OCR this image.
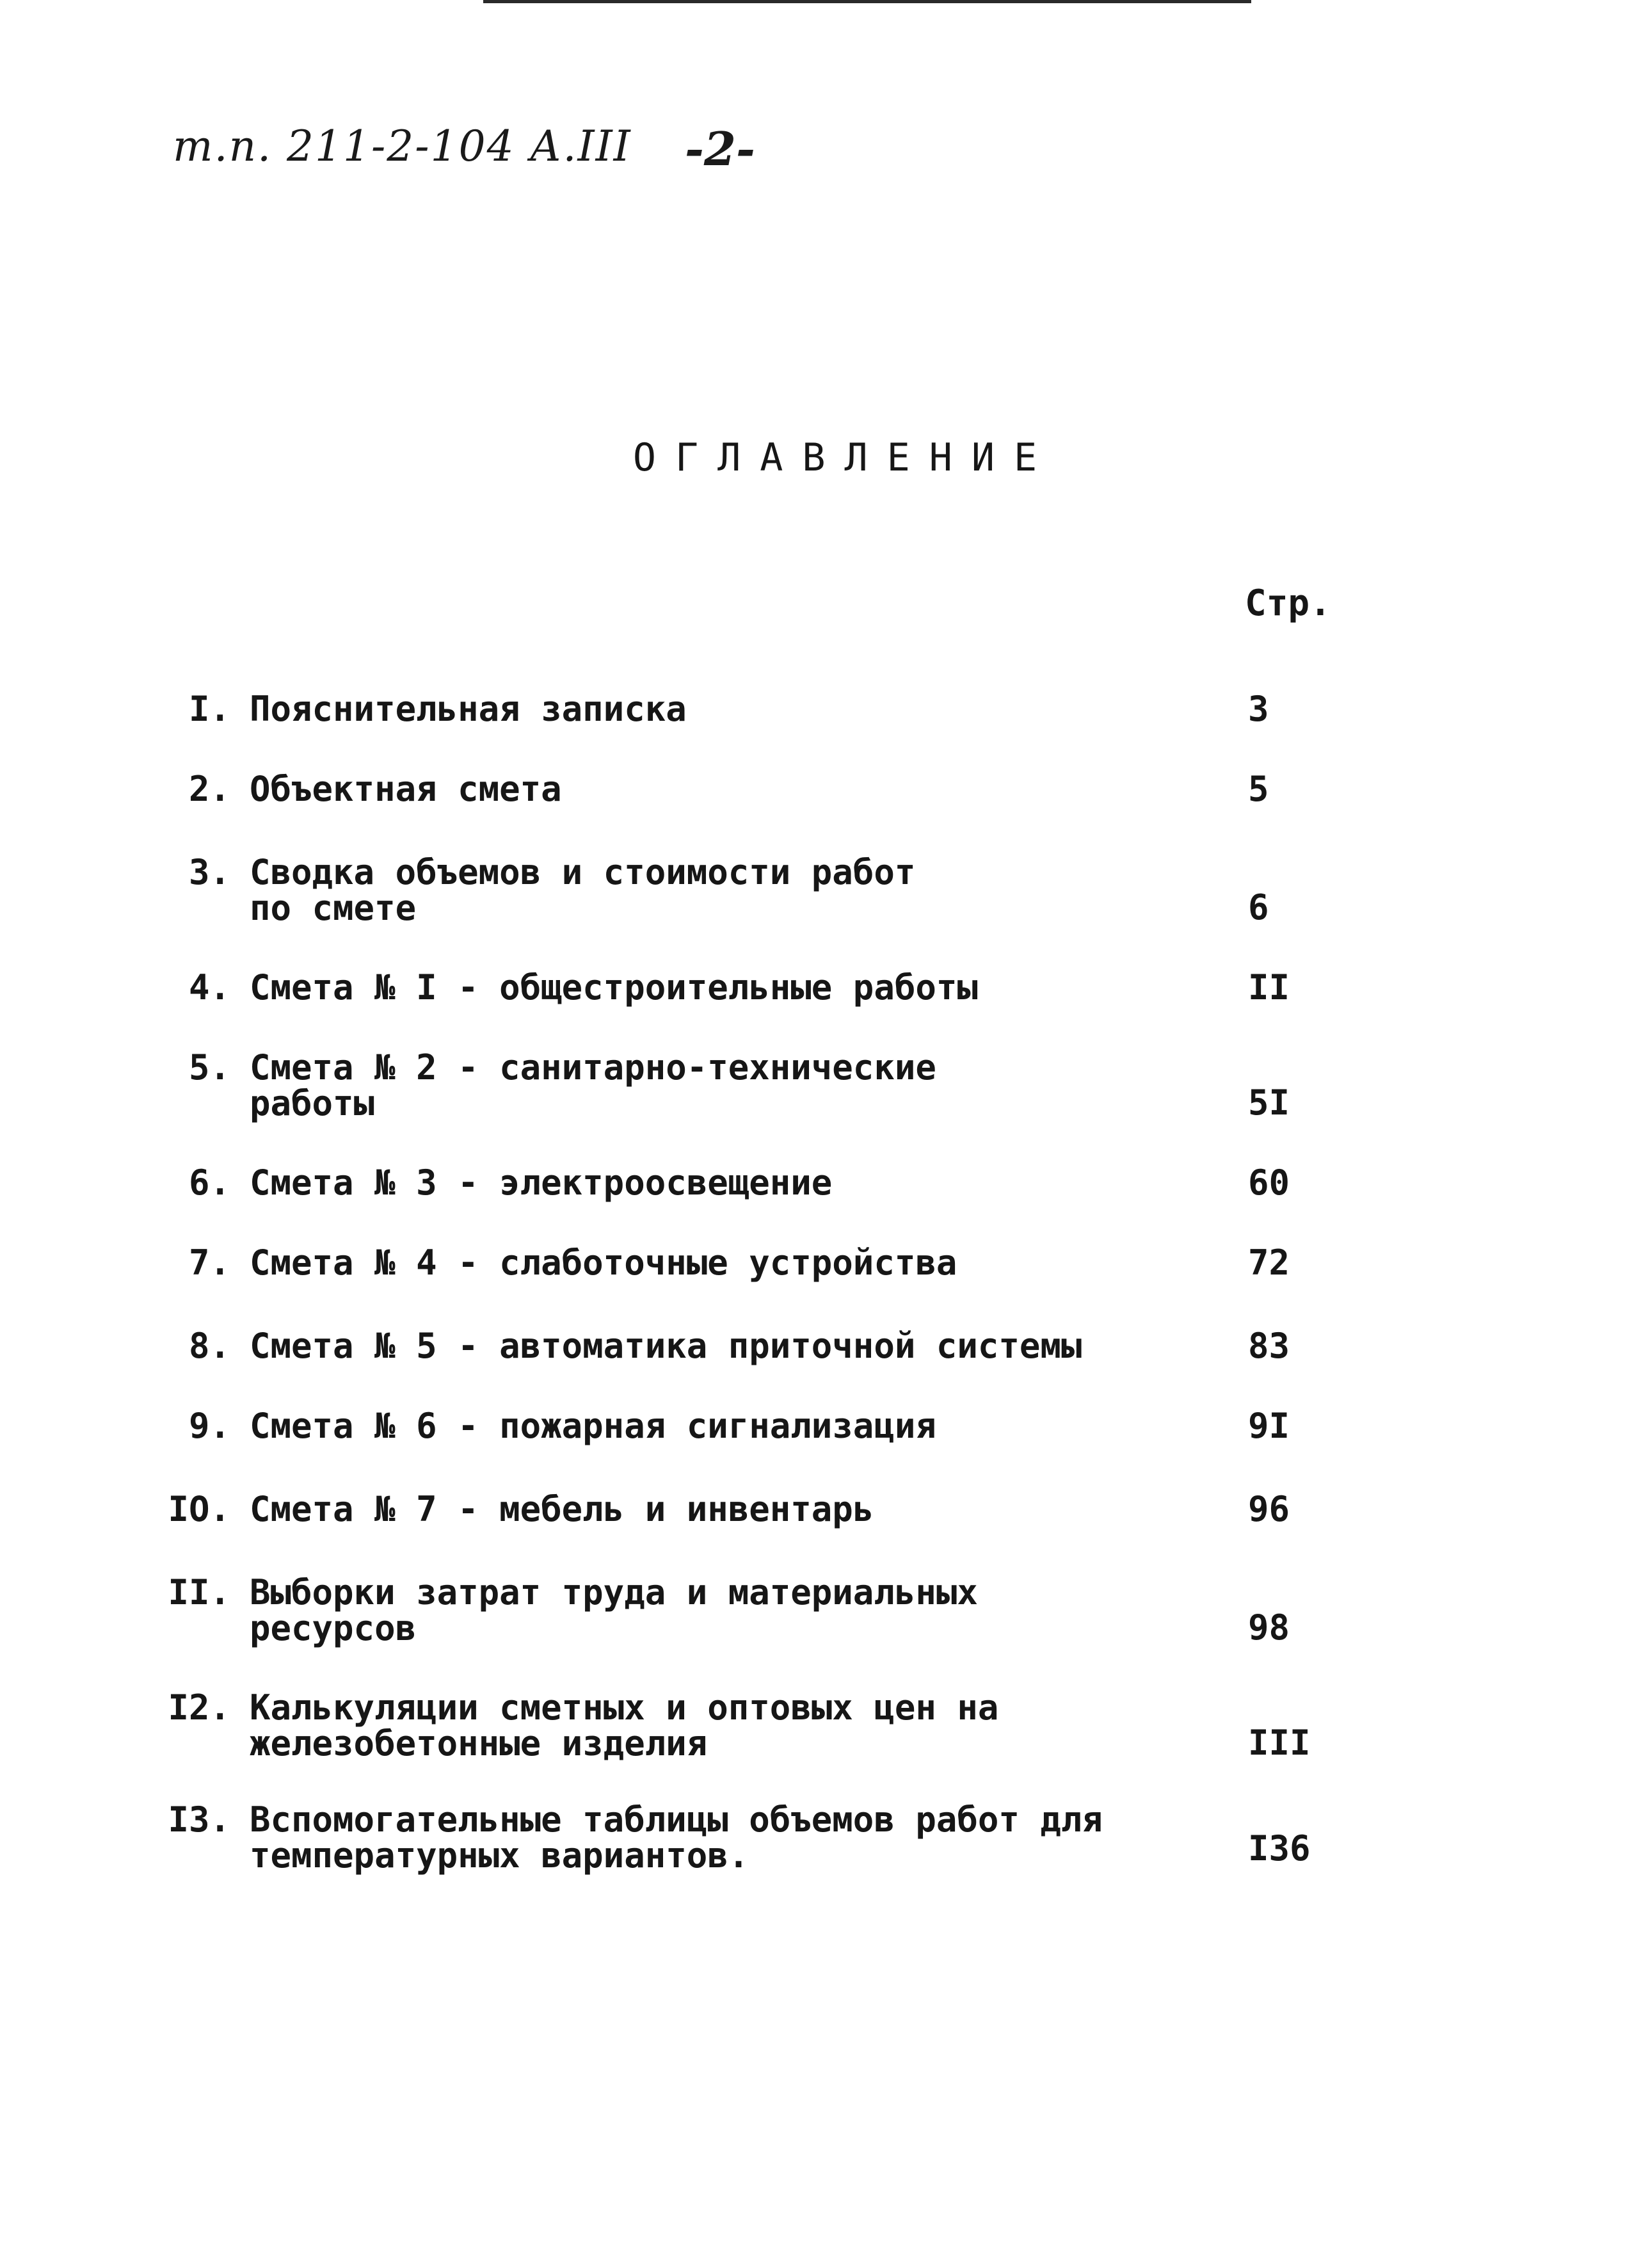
т.п. 211-2-104 А.III -2-
ОГЛАВЛЕНИЕ
Стр.
I. Пояснительная записка	3
2. Объектная смета	5
3. Сводка объемов и стоимости работ
по смете	6
4. Смета № I - общестроительные работы	II
5. Смета № 2 - санитарно-технические
работы	5I
6. Смета № 3 - электроосвещение	60
7. Смета № 4 - слаботочные устройства	72
8. Смета № 5 - автоматика приточной системы	83
9. Смета № 6 - пожарная сигнализация	9I
IO. Смета № 7 - мебель и инвентарь	96
II. Выборки затрат труда и материальных
ресурсов	98
I2. Калькуляции сметных и оптовых цен на
железобетонные изделия	III
I3. Вспомогательные таблицы объемов работ для
температурных вариантов.	I36
